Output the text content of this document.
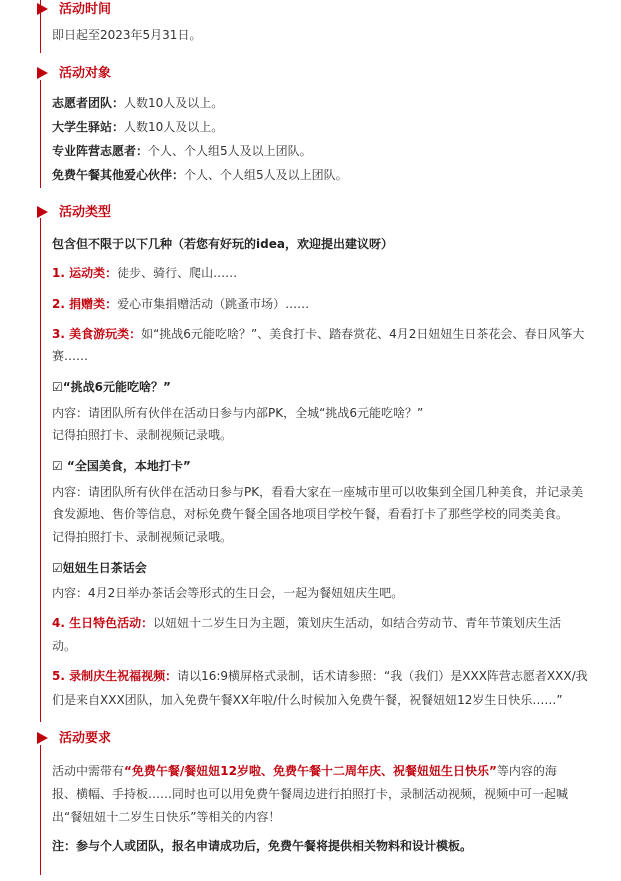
活动时间
即日起至2023年5月31日。
活动对象
志愿者团队：人数10人及以上。
大学生驿站：人数10人及以上。
专业阵营志愿者：个人、个人组5人及以上团队。
免费午餐其他爱心伙伴：个人、个人组5人及以上团队。
活动类型
包含但不限于以下几种（若您有好玩的idea，欢迎提出建议呀）
1. 运动类：徒步、骑行、爬山……
2. 捐赠类：爱心市集捐赠活动（跳蚤市场）……
3. 美食游玩类：如“挑战6元能吃啥？”、美食打卡、踏春赏花、4月2日妞妞生日茶花会、春日风筝大
赛……
☑“挑战6元能吃啥？”
内容：请团队所有伙伴在活动日参与内部PK，全城“挑战6元能吃啥？”
记得拍照打卡、录制视频记录哦。
☑ “全国美食，本地打卡”
内容：请团队所有伙伴在活动日参与PK，看看大家在一座城市里可以收集到全国几种美食，并记录美
食发源地、售价等信息，对标免费午餐全国各地项目学校午餐，看看打卡了那些学校的同类美食。
记得拍照打卡、录制视频记录哦。
☑妞妞生日茶话会
内容：4月2日举办茶话会等形式的生日会，一起为餐妞妞庆生吧。
4. 生日特色活动：以妞妞十二岁生日为主题，策划庆生活动，如结合劳动节、青年节策划庆生活
动。
5. 录制庆生祝福视频：请以16:9横屏格式录制，话术请参照：“我（我们）是XXX阵营志愿者XXX/我
们是来自XXX团队，加入免费午餐XX年啦/什么时候加入免费午餐，祝餐妞妞12岁生日快乐……”
活动要求
活动中需带有“免费午餐/餐妞妞12岁啦、免费午餐十二周年庆、祝餐妞妞生日快乐”等内容的海
报、横幅、手持板……同时也可以用免费午餐周边进行拍照打卡，录制活动视频，视频中可一起喊
出“餐妞妞十二岁生日快乐”等相关的内容！
注：参与个人或团队，报名申请成功后，免费午餐将提供相关物料和设计模板。
